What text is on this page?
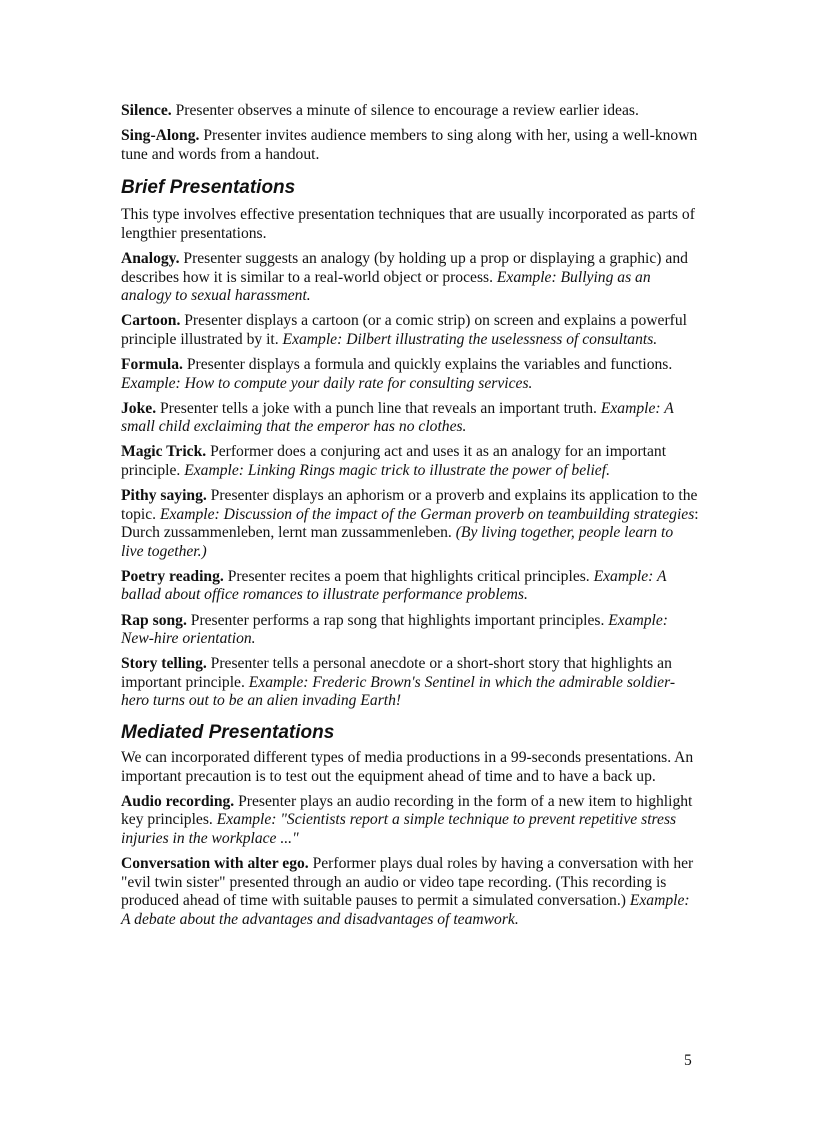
Silence. Presenter observes a minute of silence to encourage a review earlier ideas.

Sing-Along. Presenter invites audience members to sing along with her, using a well-known tune and words from a handout.

Brief Presentations

This type involves effective presentation techniques that are usually incorporated as parts of lengthier presentations.

Analogy. Presenter suggests an analogy (by holding up a prop or displaying a graphic) and describes how it is similar to a real-world object or process. Example: Bullying as an analogy to sexual harassment.

Cartoon. Presenter displays a cartoon (or a comic strip) on screen and explains a powerful principle illustrated by it. Example: Dilbert illustrating the uselessness of consultants.

Formula. Presenter displays a formula and quickly explains the variables and functions. Example: How to compute your daily rate for consulting services.

Joke. Presenter tells a joke with a punch line that reveals an important truth. Example: A small child exclaiming that the emperor has no clothes.

Magic Trick. Performer does a conjuring act and uses it as an analogy for an important principle. Example: Linking Rings magic trick to illustrate the power of belief.

Pithy saying. Presenter displays an aphorism or a proverb and explains its application to the topic. Example: Discussion of the impact of the German proverb on teambuilding strategies: Durch zussammenleben, lernt man zussammenleben. (By living together, people learn to live together.)

Poetry reading. Presenter recites a poem that highlights critical principles. Example: A ballad about office romances to illustrate performance problems.

Rap song. Presenter performs a rap song that highlights important principles. Example: New-hire orientation.

Story telling. Presenter tells a personal anecdote or a short-short story that highlights an important principle. Example: Frederic Brown's Sentinel in which the admirable soldier-hero turns out to be an alien invading Earth!

Mediated Presentations

We can incorporated different types of media productions in a 99-seconds presentations. An important precaution is to test out the equipment ahead of time and to have a back up.

Audio recording. Presenter plays an audio recording in the form of a new item to highlight key principles. Example: "Scientists report a simple technique to prevent repetitive stress injuries in the workplace ..."

Conversation with alter ego. Performer plays dual roles by having a conversation with her "evil twin sister" presented through an audio or video tape recording. (This recording is produced ahead of time with suitable pauses to permit a simulated conversation.) Example: A debate about the advantages and disadvantages of teamwork.

5
